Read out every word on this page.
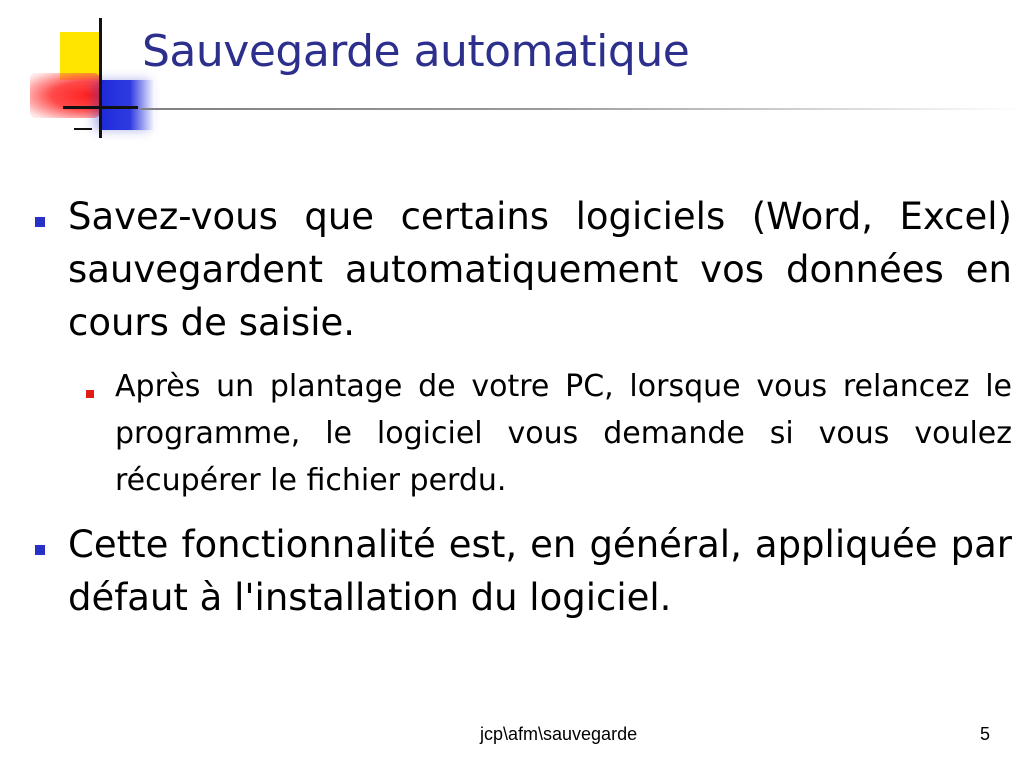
Sauvegarde automatique
Savez-vous que certains logiciels (Word, Excel) sauvegardent automatiquement vos données en cours de saisie.
Après un plantage de votre PC, lorsque vous relancez le programme, le logiciel vous demande si vous voulez récupérer le fichier perdu.
Cette fonctionnalité est, en général, appliquée par défaut à l'installation du logiciel.
jcp\afm\sauvegarde	5
